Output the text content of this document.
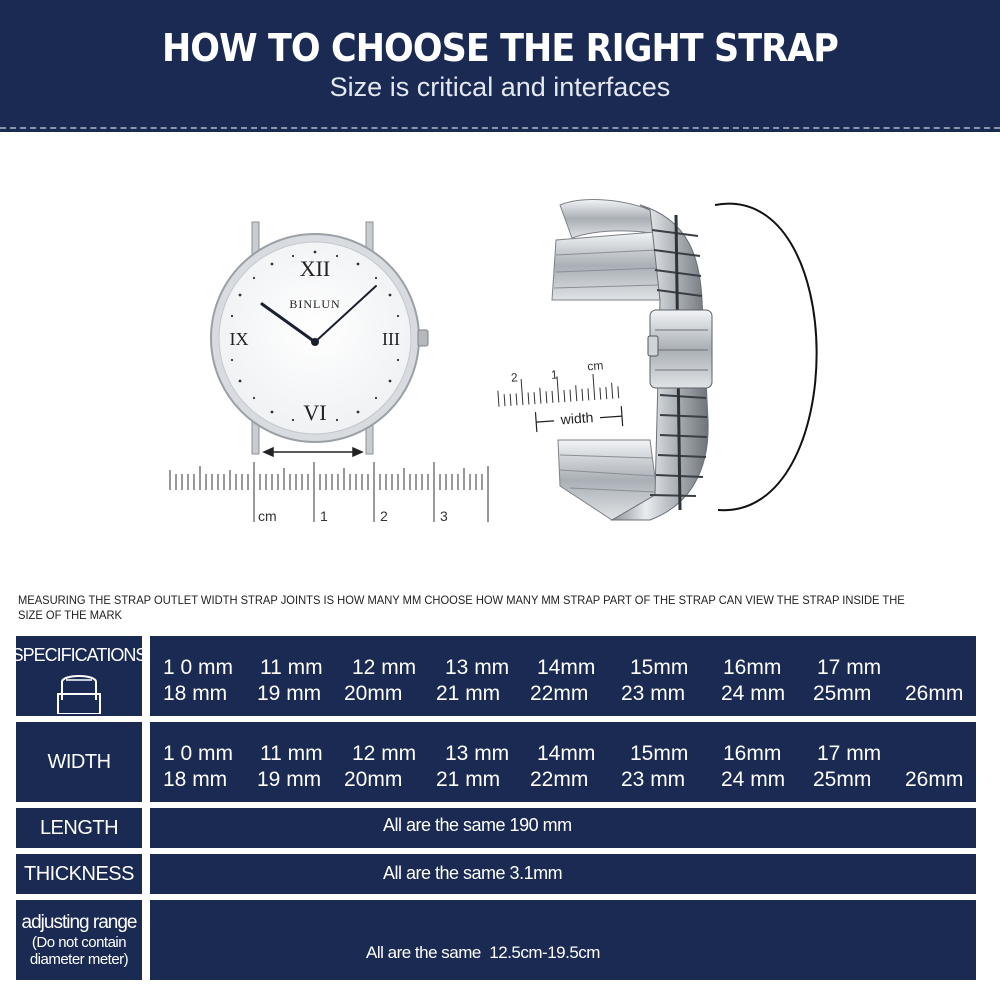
HOW TO CHOOSE THE RIGHT STRAP
Size is critical and interfaces
XII
VI
III
IX
BINLUN
cm	1	2	3
2	1
cm
width
MEASURING THE STRAP OUTLET WIDTH STRAP JOINTS IS HOW MANY MM CHOOSE HOW MANY MM STRAP PART OF THE STRAP CAN VIEW THE STRAP INSIDE THE SIZE OF THE MARK
SPECIFICATIONS
1 0 mm 11 mm 12 mm 13 mm 14mm 15mm 16mm 17 mm
18 mm 19 mm 20mm 21 mm 22mm 23 mm 24 mm 25mm 26mm
WIDTH 1 0 mm 11 mm 12 mm 13 mm 14mm 15mm 16mm 17 mm
18 mm 19 mm 20mm 21 mm 22mm 23 mm 24 mm 25mm 26mm
LENGTH	All are the same 190 mm
THICKNESS	All are the same 3.1mm
adjusting range
(Do not contain
diameter meter)	All are the same  12.5cm-19.5cm
